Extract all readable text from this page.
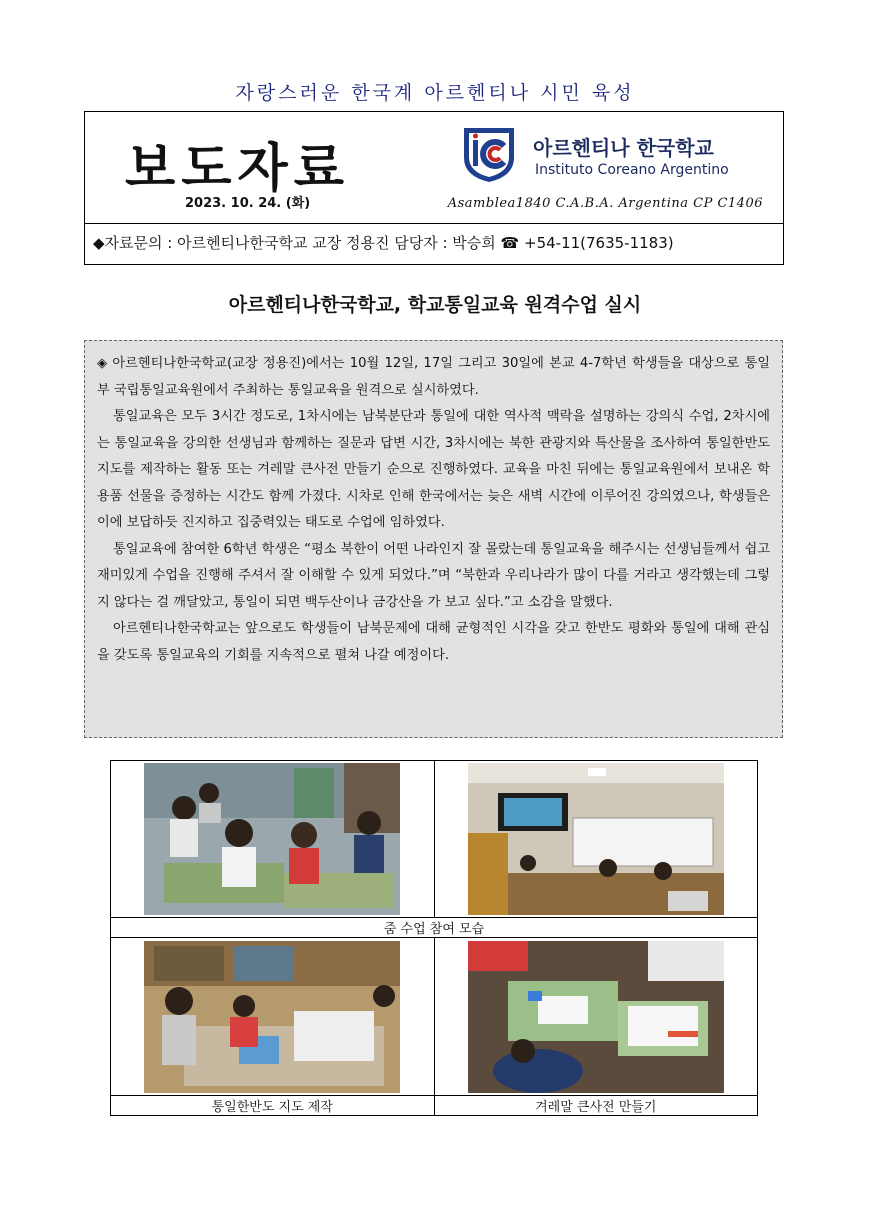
자랑스러운 한국계 아르헨티나 시민 육성
보도자료
2023. 10. 24. (화)
아르헨티나 한국학교
Instituto Coreano Argentino
Asamblea1840 C.A.B.A. Argentina CP C1406
◆자료문의 : 아르헨티나한국학교 교장 정용진 담당자 : 박승희 ☎ +54-11(7635-1183)
아르헨티나한국학교, 학교통일교육 원격수업 실시

◈ 아르헨티나한국학교(교장 정용진)에서는 10월 12일, 17일 그리고 30일에 본교 4-7학년 학생들을 대상으로 통일부 국립통일교육원에서 주최하는 통일교육을 원격으로 실시하였다.

통일교육은 모두 3시간 정도로, 1차시에는 남북분단과 통일에 대한 역사적 맥락을 설명하는 강의식 수업, 2차시에는 통일교육을 강의한 선생님과 함께하는 질문과 답변 시간, 3차시에는 북한 관광지와 특산물을 조사하여 통일한반도 지도를 제작하는 활동 또는 겨레말 큰사전 만들기 순으로 진행하였다. 교육을 마친 뒤에는 통일교육원에서 보내온 학용품 선물을 증정하는 시간도 함께 가졌다. 시차로 인해 한국에서는 늦은 새벽 시간에 이루어진 강의였으나, 학생들은 이에 보답하듯 진지하고 집중력있는 태도로 수업에 임하였다.

통일교육에 참여한 6학년 학생은 “평소 북한이 어떤 나라인지 잘 몰랐는데 통일교육을 해주시는 선생님들께서 쉽고 재미있게 수업을 진행해 주셔서 잘 이해할 수 있게 되었다.”며 “북한과 우리나라가 많이 다를 거라고 생각했는데 그렇지 않다는 걸 깨달았고, 통일이 되면 백두산이나 금강산을 가 보고 싶다.”고 소감을 말했다.

아르헨티나한국학교는 앞으로도 학생들이 남북문제에 대해 균형적인 시각을 갖고 한반도 평화와 통일에 대해 관심을 갖도록 통일교육의 기회를 지속적으로 펼쳐 나갈 예정이다.

줌 수업 참여 모습	

통일한반도 지도 제작	겨레말 큰사전 만들기
